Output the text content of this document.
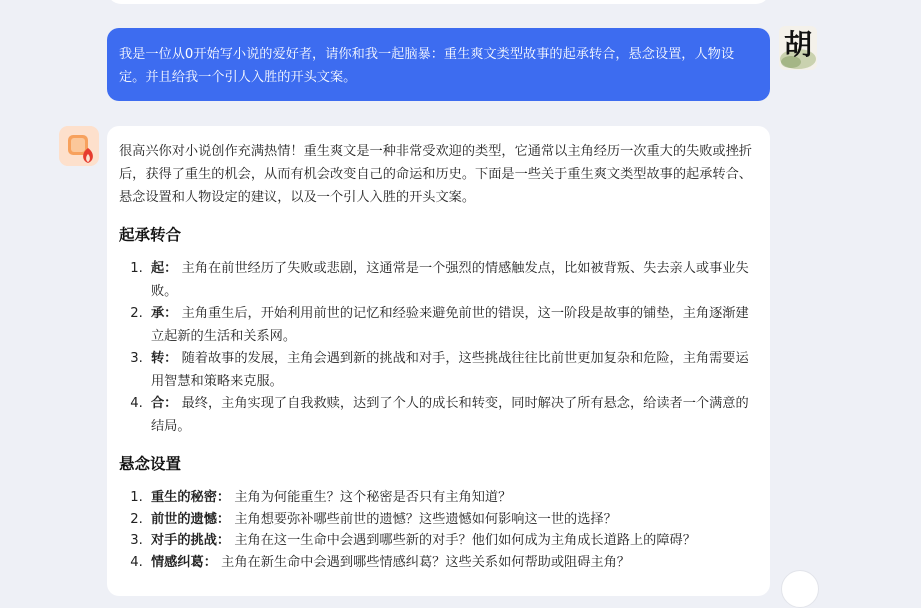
我是一位从0开始写小说的爱好者，请你和我一起脑暴：重生爽文类型故事的起承转合，悬念设置，人物设定。并且给我一个引人入胜的开头文案。
胡
很高兴你对小说创作充满热情！重生爽文是一种非常受欢迎的类型，它通常以主角经历一次重大的失败或挫折后，获得了重生的机会，从而有机会改变自己的命运和历史。下面是一些关于重生爽文类型故事的起承转合、悬念设置和人物设定的建议，以及一个引人入胜的开头文案。
起承转合
1. 起： 主角在前世经历了失败或悲剧，这通常是一个强烈的情感触发点，比如被背叛、失去亲人或事业失败。
2. 承： 主角重生后，开始利用前世的记忆和经验来避免前世的错误，这一阶段是故事的铺垫，主角逐渐建立起新的生活和关系网。
3. 转： 随着故事的发展，主角会遇到新的挑战和对手，这些挑战往往比前世更加复杂和危险，主角需要运用智慧和策略来克服。
4. 合： 最终，主角实现了自我救赎，达到了个人的成长和转变，同时解决了所有悬念，给读者一个满意的结局。
悬念设置
1. 重生的秘密： 主角为何能重生？这个秘密是否只有主角知道？
2. 前世的遗憾： 主角想要弥补哪些前世的遗憾？这些遗憾如何影响这一世的选择？
3. 对手的挑战： 主角在这一生命中会遇到哪些新的对手？他们如何成为主角成长道路上的障碍？
4. 情感纠葛： 主角在新生命中会遇到哪些情感纠葛？这些关系如何帮助或阻碍主角？
